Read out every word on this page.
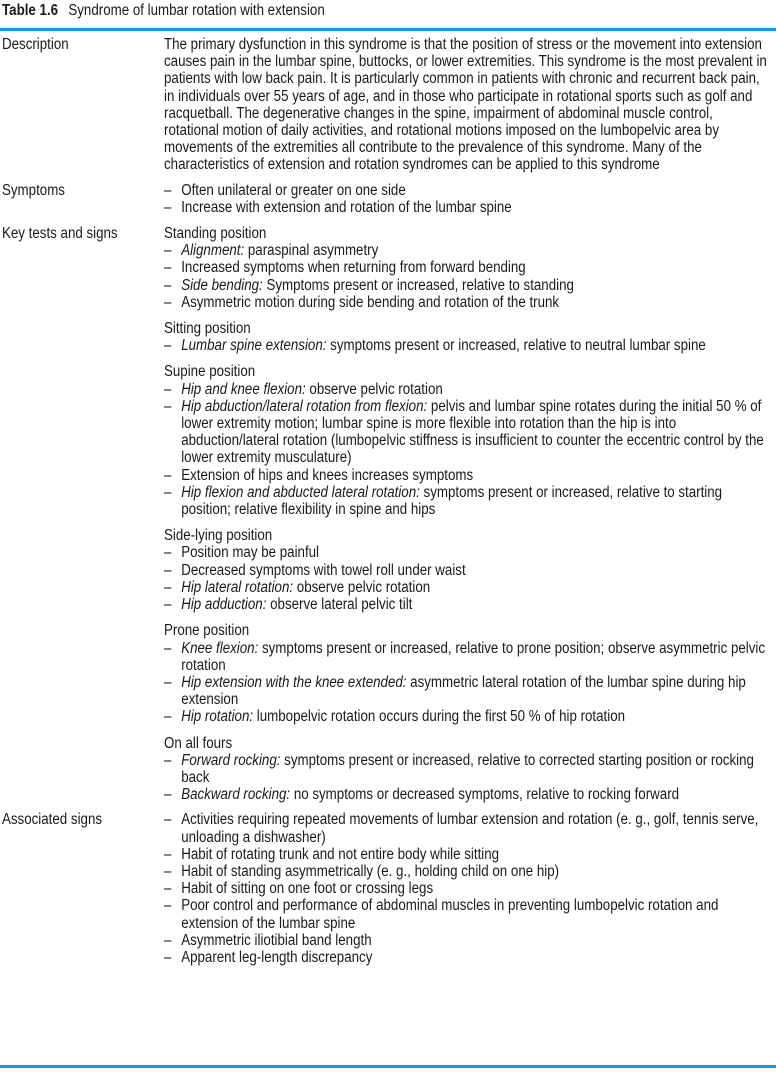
Table 1.6 Syndrome of lumbar rotation with extension
Description	The primary dysfunction in this syndrome is that the position of stress or the movement into extension causes pain in the lumbar spine, buttocks, or lower extremities. This syndrome is the most prevalent in patients with low back pain. It is particularly common in patients with chronic and recurrent back pain, in individuals over 55 years of age, and in those who participate in rotational sports such as golf and racquetball. The degenerative changes in the spine, impairment of abdominal muscle control, rotational motion of daily activities, and rotational motions imposed on the lumbopelvic area by movements of the extremities all contribute to the prevalence of this syndrome. Many of the characteristics of extension and rotation syndromes can be applied to this syndrome

Symptoms	– Often unilateral or greater on one side
– Increase with extension and rotation of the lumbar spine
Key tests and signs	Standing position
– Alignment: paraspinal asymmetry
– Increased symptoms when returning from forward bending
– Side bending: Symptoms present or increased, relative to standing
– Asymmetric motion during side bending and rotation of the trunk
Sitting position
– Lumbar spine extension: symptoms present or increased, relative to neutral lumbar spine
Supine position
– Hip and knee flexion: observe pelvic rotation
– Hip abduction/lateral rotation from flexion: pelvis and lumbar spine rotates during the initial 50 % of lower extremity motion; lumbar spine is more flexible into rotation than the hip is into abduction/lateral rotation (lumbopelvic stiffness is insufficient to counter the eccentric control by the lower extremity musculature)
– Extension of hips and knees increases symptoms
– Hip flexion and abducted lateral rotation: symptoms present or increased, relative to starting position; relative flexibility in spine and hips
Side-lying position
– Position may be painful
– Decreased symptoms with towel roll under waist
– Hip lateral rotation: observe pelvic rotation
– Hip adduction: observe lateral pelvic tilt
Prone position
– Knee flexion: symptoms present or increased, relative to prone position; observe asymmetric pelvic rotation
– Hip extension with the knee extended: asymmetric lateral rotation of the lumbar spine during hip extension
– Hip rotation: lumbopelvic rotation occurs during the first 50 % of hip rotation
On all fours
– Forward rocking: symptoms present or increased, relative to corrected starting position or rocking back
– Backward rocking: no symptoms or decreased symptoms, relative to rocking forward
Associated signs	– Activities requiring repeated movements of lumbar extension and rotation (e. g., golf, tennis serve, unloading a dishwasher)
– Habit of rotating trunk and not entire body while sitting
– Habit of standing asymmetrically (e. g., holding child on one hip)
– Habit of sitting on one foot or crossing legs
– Poor control and performance of abdominal muscles in preventing lumbopelvic rotation and extension of the lumbar spine
– Asymmetric iliotibial band length
– Apparent leg-length discrepancy
